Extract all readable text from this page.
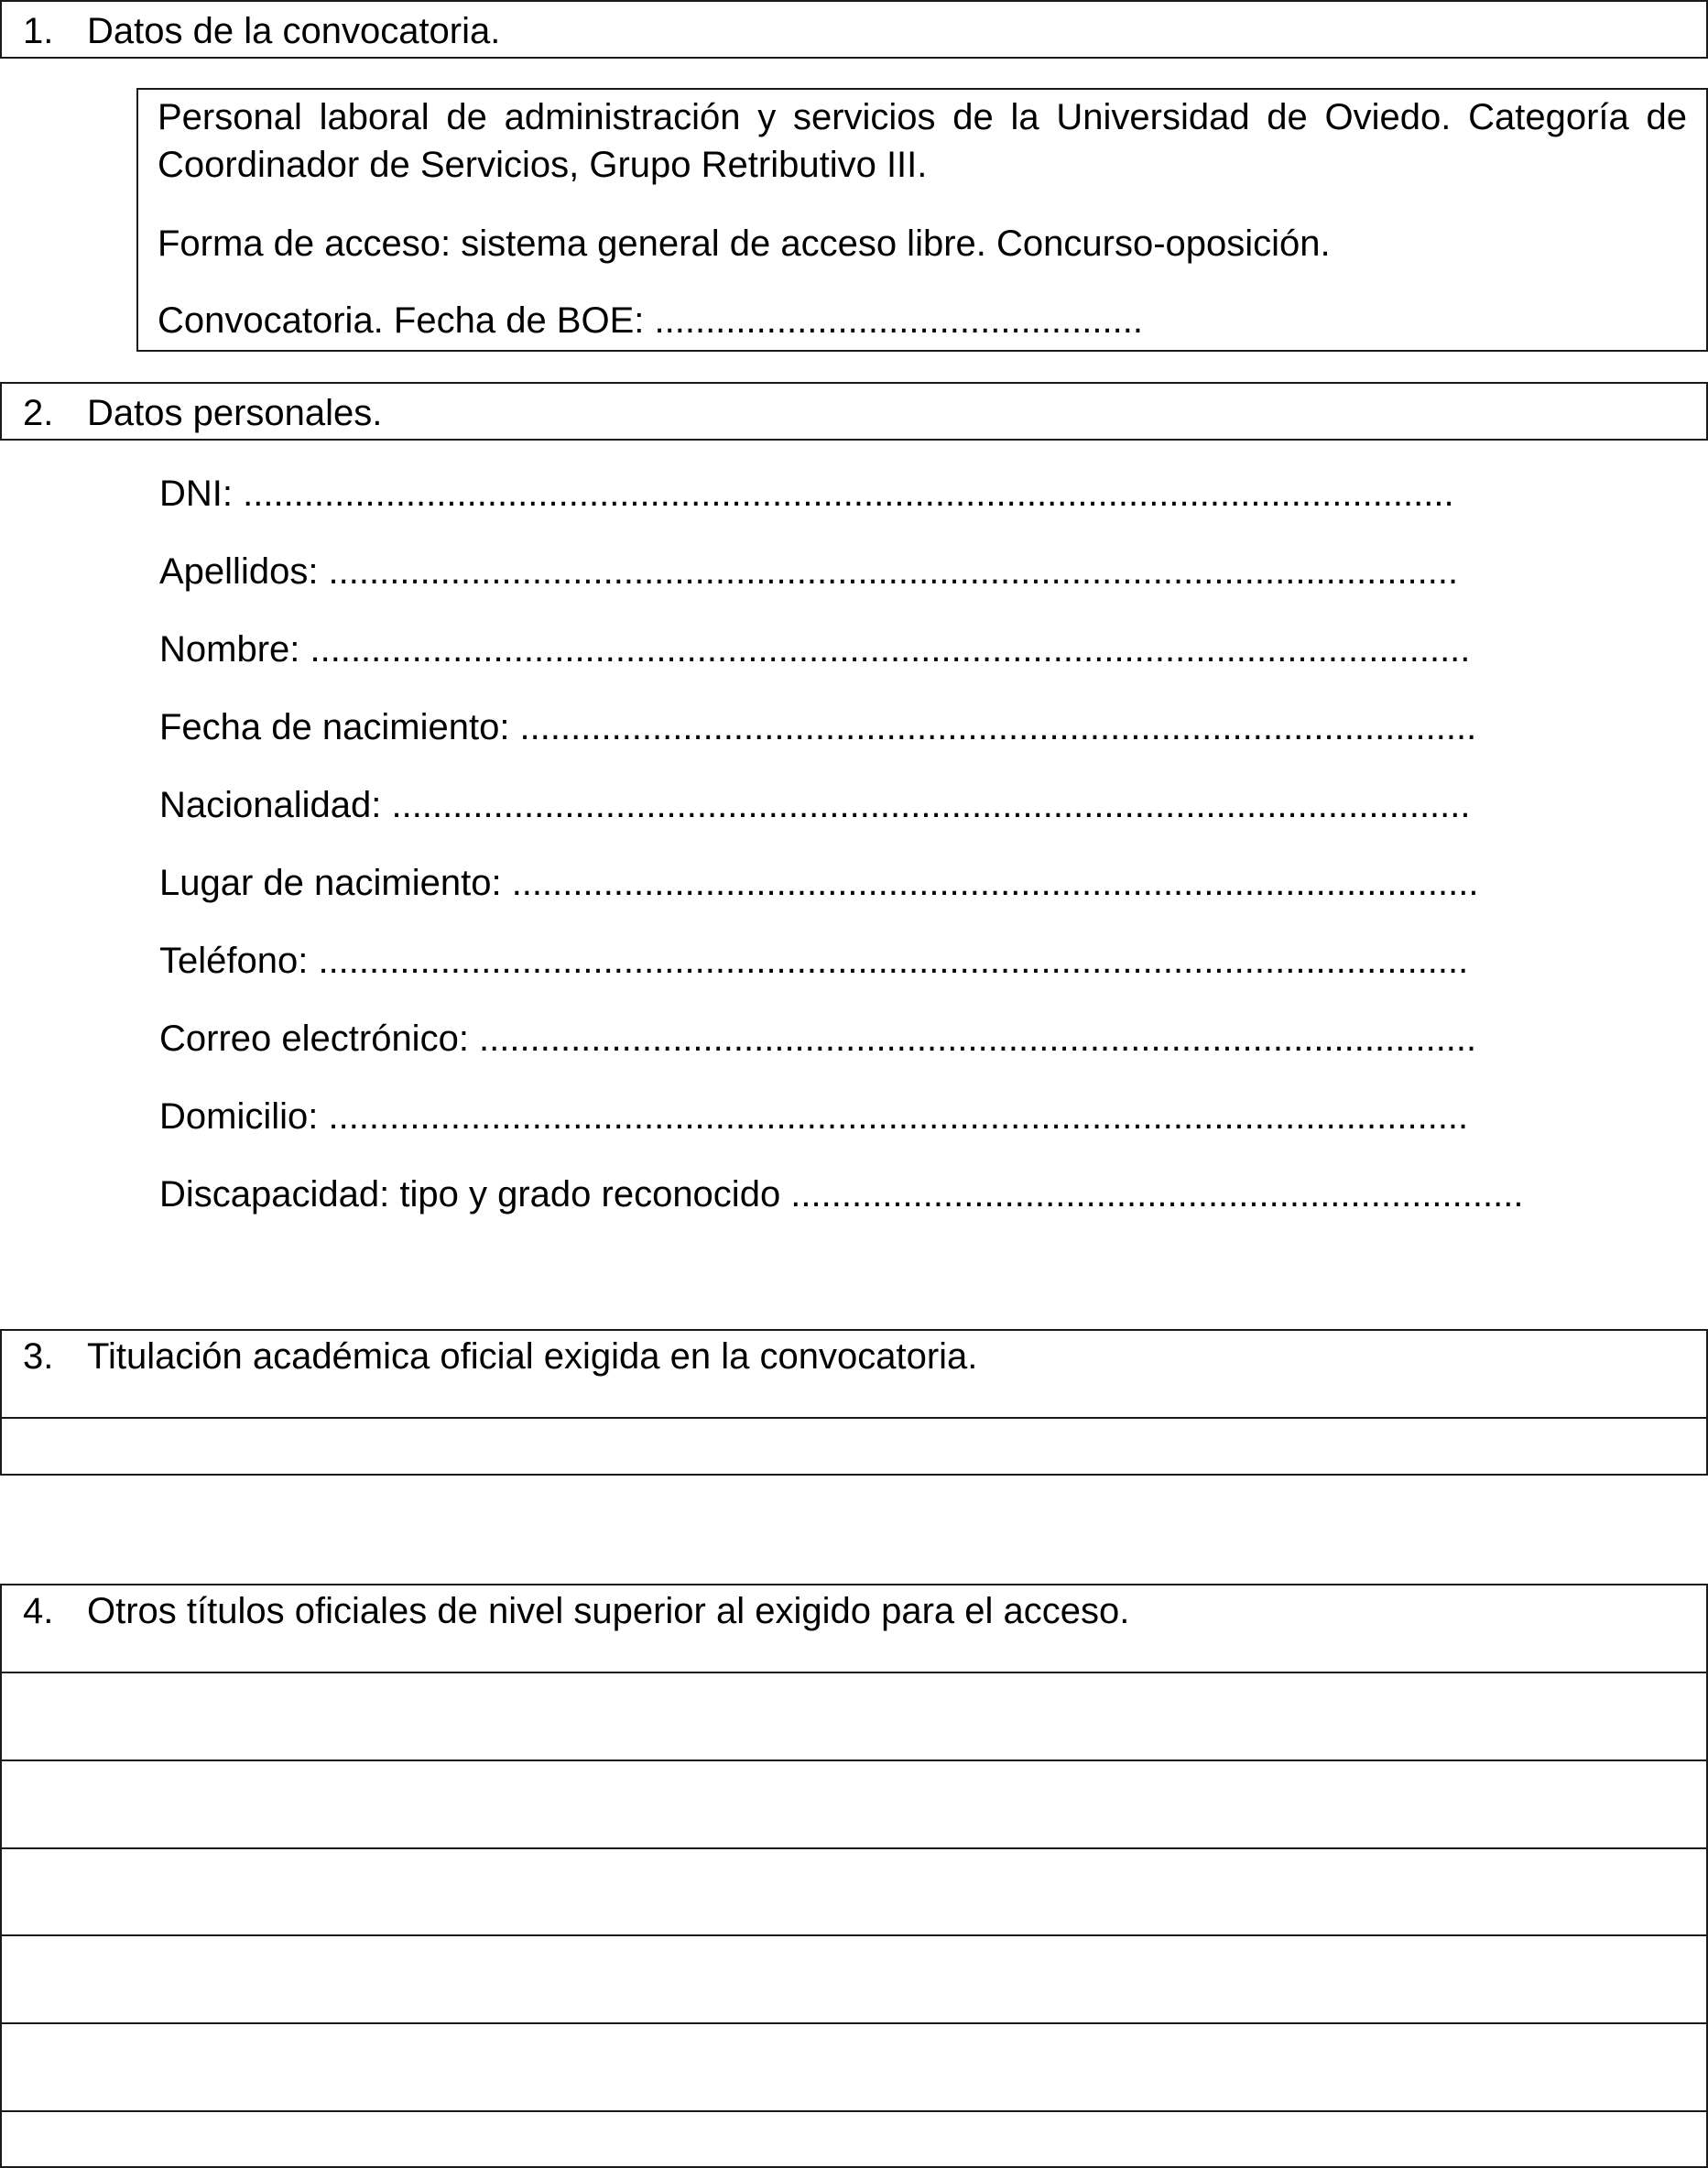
1. Datos de la convocatoria.
Personal laboral de administración y servicios de la Universidad de Oviedo. Categoría de
Coordinador de Servicios, Grupo Retributivo III.
Forma de acceso: sistema general de acceso libre. Concurso-oposición.
Convocatoria. Fecha de BOE: ................................................
2. Datos personales.
DNI: .......................................................................................................................
Apellidos: ...............................................................................................................
Nombre: ..................................................................................................................
Fecha de nacimiento: ..............................................................................................
Nacionalidad: ..........................................................................................................
Lugar de nacimiento: ...............................................................................................
Teléfono: .................................................................................................................
Correo electrónico: ..................................................................................................
Domicilio: ................................................................................................................
Discapacidad: tipo y grado reconocido ........................................................................
3. Titulación académica oficial exigida en la convocatoria.
4. Otros títulos oficiales de nivel superior al exigido para el acceso.
